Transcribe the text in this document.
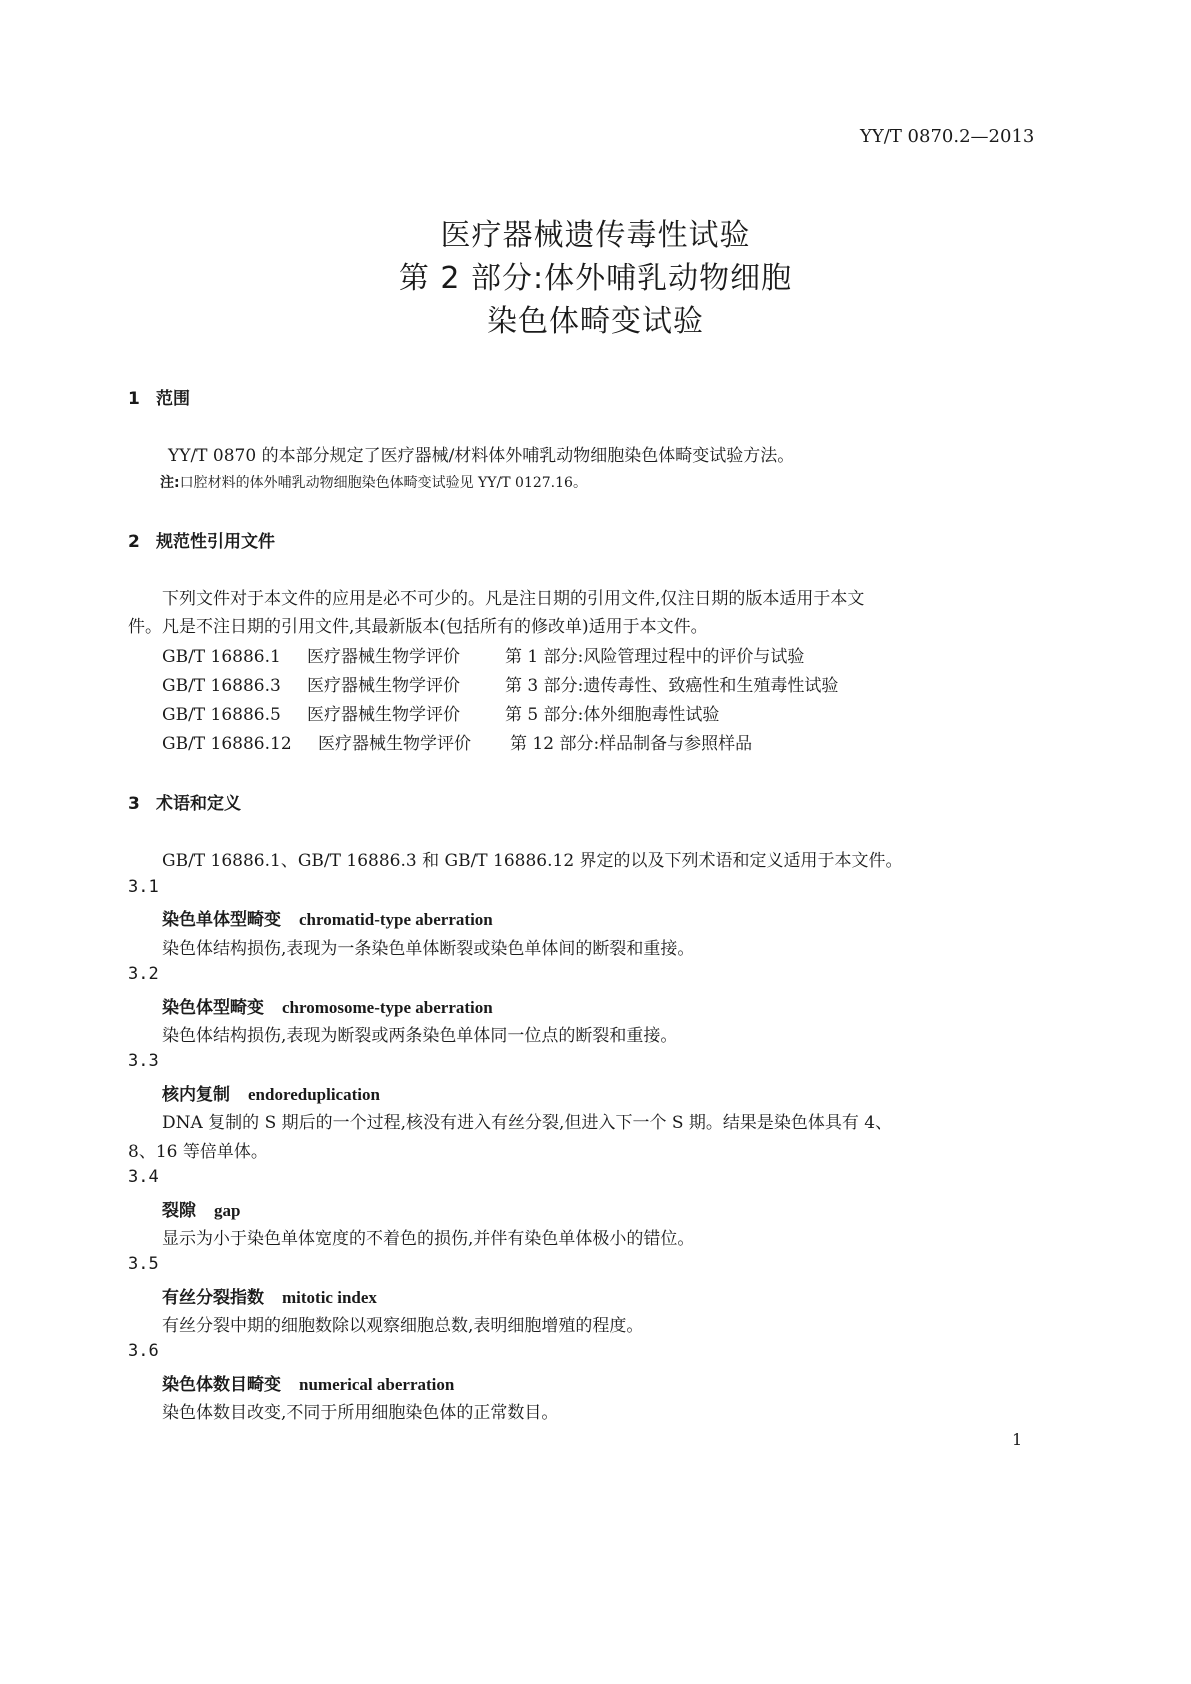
YY/T 0870.2—2013
医疗器械遗传毒性试验
第 2 部分:体外哺乳动物细胞
染色体畸变试验
1 范围
YY/T 0870 的本部分规定了医疗器械/材料体外哺乳动物细胞染色体畸变试验方法。
注:口腔材料的体外哺乳动物细胞染色体畸变试验见 YY/T 0127.16。
2 规范性引用文件
下列文件对于本文件的应用是必不可少的。凡是注日期的引用文件,仅注日期的版本适用于本文
件。凡是不注日期的引用文件,其最新版本(包括所有的修改单)适用于本文件。
GB/T 16886.1 医疗器械生物学评价	第 1 部分:风险管理过程中的评价与试验
GB/T 16886.3 医疗器械生物学评价	第 3 部分:遗传毒性、致癌性和生殖毒性试验
GB/T 16886.5 医疗器械生物学评价	第 5 部分:体外细胞毒性试验
GB/T 16886.12 医疗器械生物学评价 第 12 部分:样品制备与参照样品
3 术语和定义
GB/T 16886.1、GB/T 16886.3 和 GB/T 16886.12 界定的以及下列术语和定义适用于本文件。
3.1
染色单体型畸变 chromatid-type aberration
染色体结构损伤,表现为一条染色单体断裂或染色单体间的断裂和重接。
3.2
染色体型畸变 chromosome-type aberration
染色体结构损伤,表现为断裂或两条染色单体同一位点的断裂和重接。
3.3
核内复制 endoreduplication
DNA 复制的 S 期后的一个过程,核没有进入有丝分裂,但进入下一个 S 期。结果是染色体具有 4、
8、16 等倍单体。
3.4
裂隙 gap
显示为小于染色单体宽度的不着色的损伤,并伴有染色单体极小的错位。
3.5
有丝分裂指数 mitotic index
有丝分裂中期的细胞数除以观察细胞总数,表明细胞增殖的程度。
3.6
染色体数目畸变 numerical aberration
染色体数目改变,不同于所用细胞染色体的正常数目。
1
